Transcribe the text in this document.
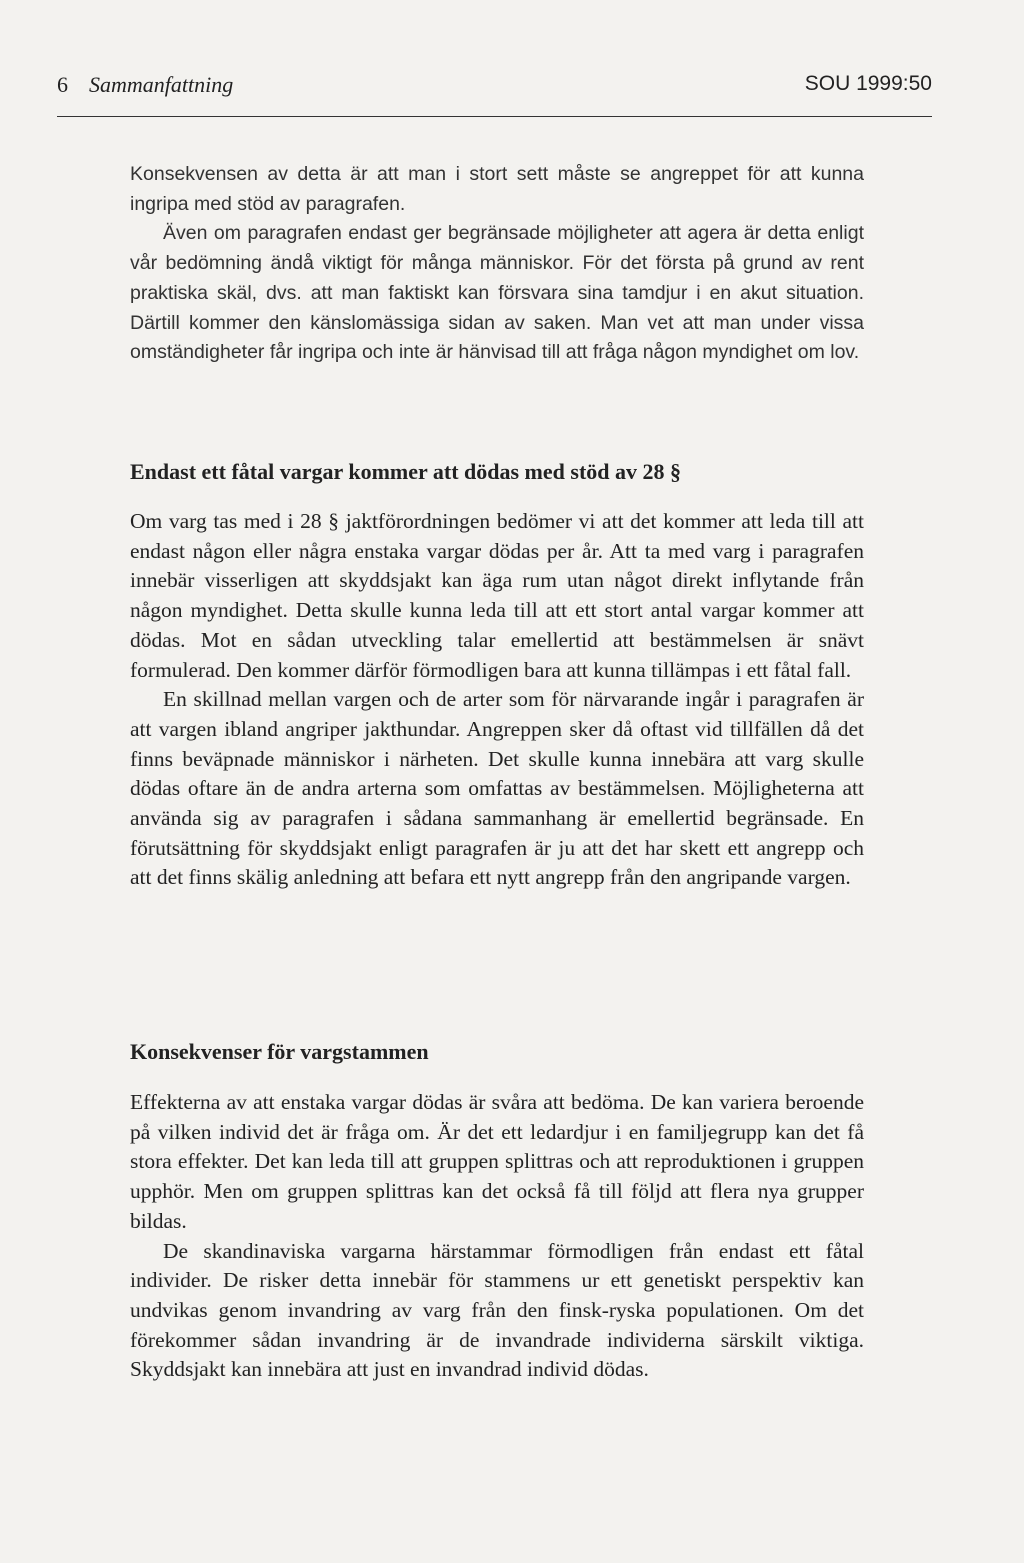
6 Sammanfattning	SOU 1999:50

Konsekvensen av detta är att man i stort sett måste se angreppet för att kunna ingripa med stöd av paragrafen.

Även om paragrafen endast ger begränsade möjligheter att agera är detta enligt vår bedömning ändå viktigt för många människor. För det första på grund av rent praktiska skäl, dvs. att man faktiskt kan försvara sina tamdjur i en akut situation. Därtill kommer den känslomässiga sidan av saken. Man vet att man under vissa omständigheter får ingripa och inte är hänvisad till att fråga någon myndighet om lov.

Endast ett fåtal vargar kommer att dödas med stöd av 28 §

Om varg tas med i 28 § jaktförordningen bedömer vi att det kommer att leda till att endast någon eller några enstaka vargar dödas per år. Att ta med varg i paragrafen innebär visserligen att skyddsjakt kan äga rum utan något direkt inflytande från någon myndighet. Detta skulle kunna leda till att ett stort antal vargar kommer att dödas. Mot en sådan utveckling talar emellertid att bestämmelsen är snävt formulerad. Den kommer därför förmodligen bara att kunna tillämpas i ett fåtal fall.

En skillnad mellan vargen och de arter som för närvarande ingår i paragrafen är att vargen ibland angriper jakthundar. Angreppen sker då oftast vid tillfällen då det finns beväpnade människor i närheten. Det skulle kunna innebära att varg skulle dödas oftare än de andra arterna som omfattas av bestämmelsen. Möjligheterna att använda sig av paragrafen i sådana sammanhang är emellertid begränsade. En förutsättning för skyddsjakt enligt paragrafen är ju att det har skett ett angrepp och att det finns skälig anledning att befara ett nytt angrepp från den angripande vargen.

Konsekvenser för vargstammen

Effekterna av att enstaka vargar dödas är svåra att bedöma. De kan variera beroende på vilken individ det är fråga om. Är det ett ledardjur i en familjegrupp kan det få stora effekter. Det kan leda till att gruppen splittras och att reproduktionen i gruppen upphör. Men om gruppen splittras kan det också få till följd att flera nya grupper bildas.

De skandinaviska vargarna härstammar förmodligen från endast ett fåtal individer. De risker detta innebär för stammens ur ett genetiskt perspektiv kan undvikas genom invandring av varg från den finsk-ryska populationen. Om det förekommer sådan invandring är de invandrade individerna särskilt viktiga. Skyddsjakt kan innebära att just en invandrad individ dödas.
